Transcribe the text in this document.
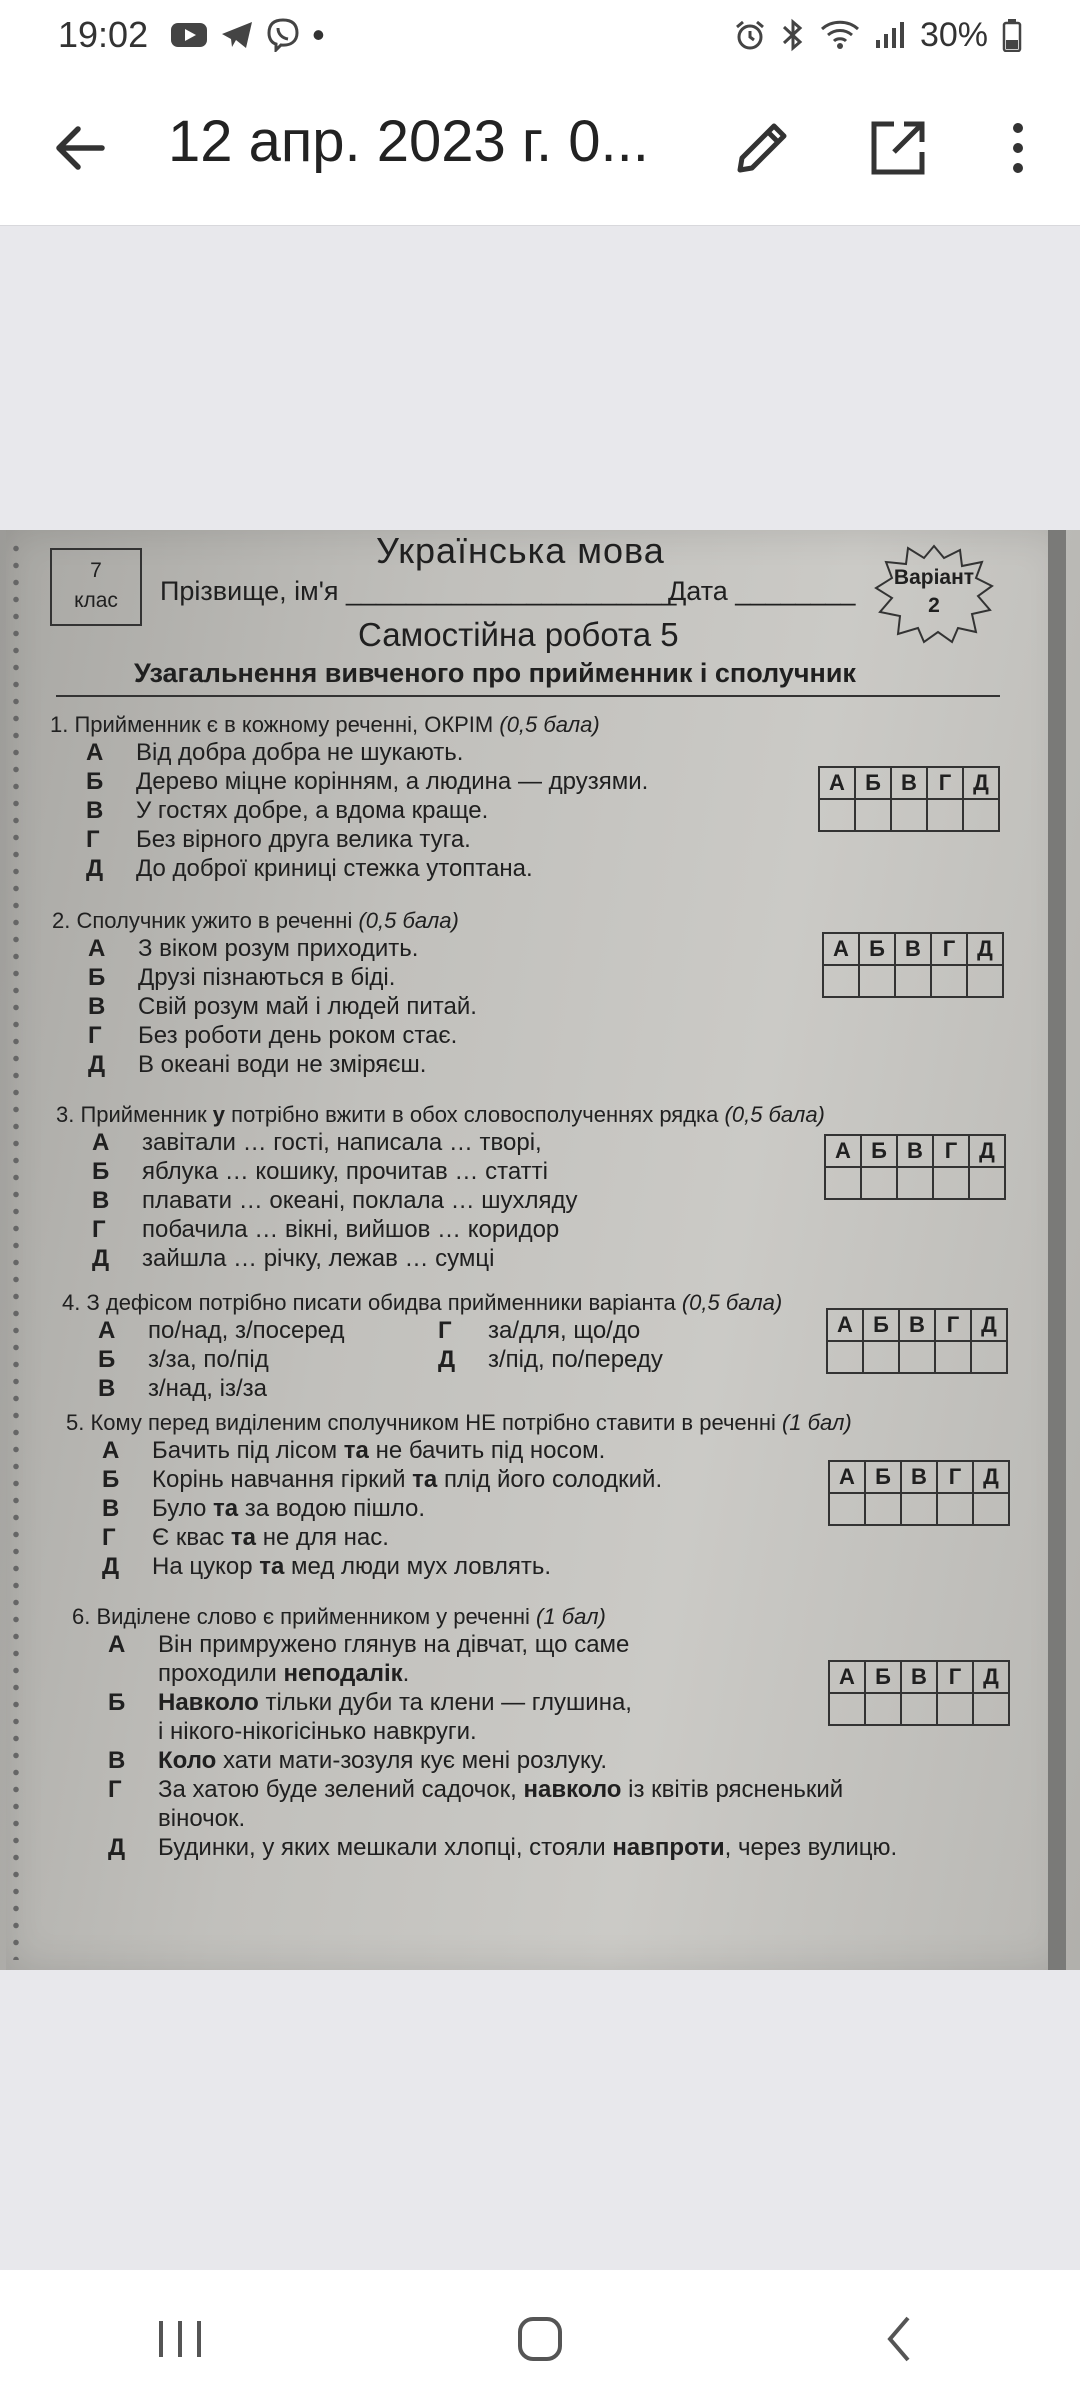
19:02	•	30%
12 апр. 2023 г. 0...
7
клас
Українська мова
Прізвище, ім'я ______________________
Дата ________	Варіант
2
Самостійна робота 5
Узагальнення вивченого про прийменник і сполучник
1. Прийменник є в кожному реченні, ОКРІМ (0,5 бала)
А	Від добра добра не шукають.
Б	Дерево міцне корінням, а людина — друзями.
В	У гостях добре, а вдома краще.
Г	Без вірного друга велика туга.
Д	До доброї криниці стежка утоптана.
А	Б	В	Г	Д

2. Сполучник ужито в реченні (0,5 бала)
А	З віком розум приходить.
Б	Друзі пізнаються в біді.
В	Свій розум май і людей питай.
Г	Без роботи день роком стає.
Д	В океані води не зміряєш.
А	Б	В	Г	Д

3. Прийменник у потрібно вжити в обох словосполученнях рядка (0,5 бала)
А	завітали … гості, написала … творі,
Б	яблука … кошику, прочитав … статті
В	плавати … океані, поклала … шухляду
Г	побачила … вікні, вийшов … коридор
Д	зайшла … річку, лежав … сумці
А	Б	В	Г	Д

4. З дефісом потрібно писати обидва прийменники варіанта (0,5 бала)
А	по/над, з/посеред
Б	з/за, по/під
В	з/над, із/за
Г	за/для, що/до
Д	з/під, по/переду
А	Б	В	Г	Д

5. Кому перед виділеним сполучником НЕ потрібно ставити в реченні (1 бал)
А	Бачить під лісом
та
не бачить під носом.
Б	Корінь навчання гіркий
та
плід його солодкий.
В	Було
та
за водою пішло.
Г	Є квас
та
не для нас.
Д	На цукор
та
мед люди мух ловлять.
А	Б	В	Г	Д

6. Виділене слово є прийменником у реченні (1 бал)
А	Він примружено глянув на дівчат, що саме
проходили
неподалік .
Б	Навколо
тільки дуби та клени — глушина,
і нікого-нікогісінько навкруги.
В	Коло
хати мати-зозуля кує мені розлуку.
Г	За хатою буде зелений садочок,
навколо
із квітів рясненький
віночок.
Д	Будинки, у яких мешкали хлопці, стояли
навпроти , через вулицю.
А	Б	В	Г	Д
